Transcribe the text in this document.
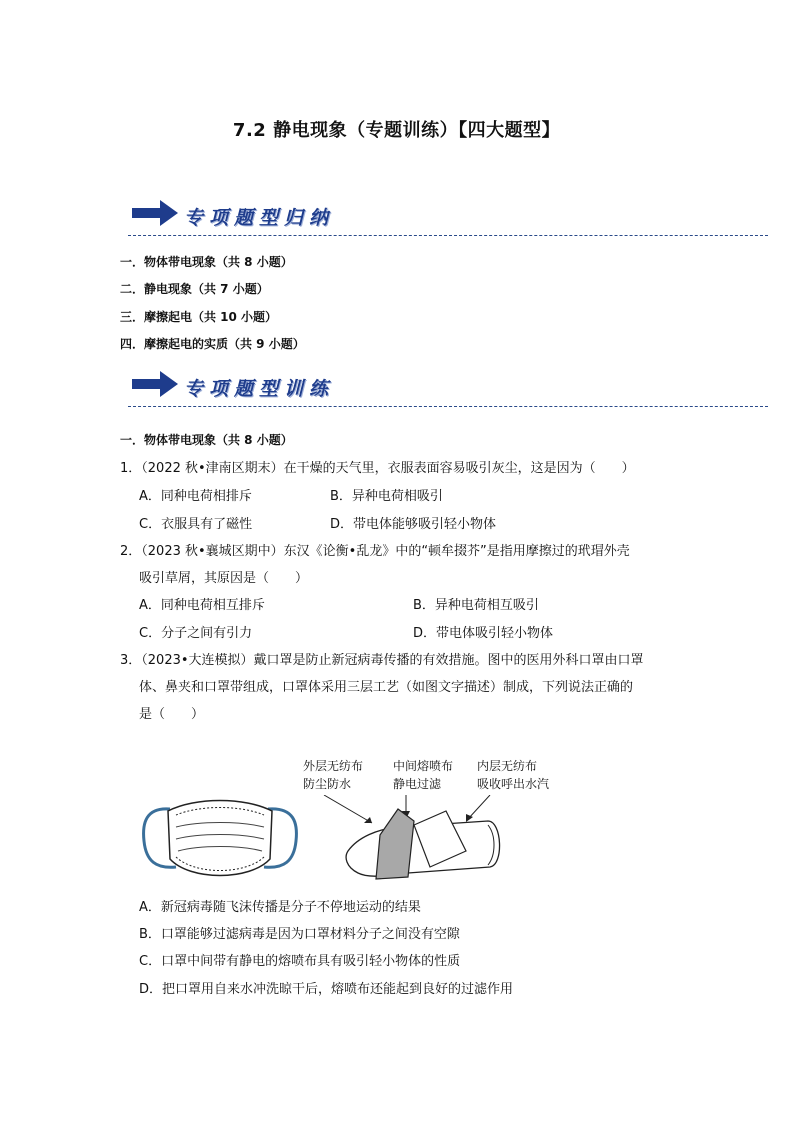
7.2 静电现象（专题训练）【四大题型】
专项题型归纳
一．物体带电现象（共 8 小题）
二．静电现象（共 7 小题）
三．摩擦起电（共 10 小题）
四．摩擦起电的实质（共 9 小题）
专项题型训练
一．物体带电现象（共 8 小题）
1．（2022 秋•津南区期末）在干燥的天气里，衣服表面容易吸引灰尘，这是因为（　　）
A．同种电荷相排斥	B．异种电荷相吸引
C．衣服具有了磁性	D．带电体能够吸引轻小物体
2．（2023 秋•襄城区期中）东汉《论衡•乱龙》中的“顿牟掇芥”是指用摩擦过的玳瑁外壳
吸引草屑，其原因是（　　）
A．同种电荷相互排斥	B．异种电荷相互吸引
C．分子之间有引力	D．带电体吸引轻小物体
3．（2023•大连模拟）戴口罩是防止新冠病毒传播的有效措施。图中的医用外科口罩由口罩
体、鼻夹和口罩带组成，口罩体采用三层工艺（如图文字描述）制成，下列说法正确的
是（　　）
外层无纺布
防尘防水
中间熔喷布
静电过滤
内层无纺布
吸收呼出水汽
A．新冠病毒随飞沫传播是分子不停地运动的结果
B．口罩能够过滤病毒是因为口罩材料分子之间没有空隙
C．口罩中间带有静电的熔喷布具有吸引轻小物体的性质
D．把口罩用自来水冲洗晾干后，熔喷布还能起到良好的过滤作用
